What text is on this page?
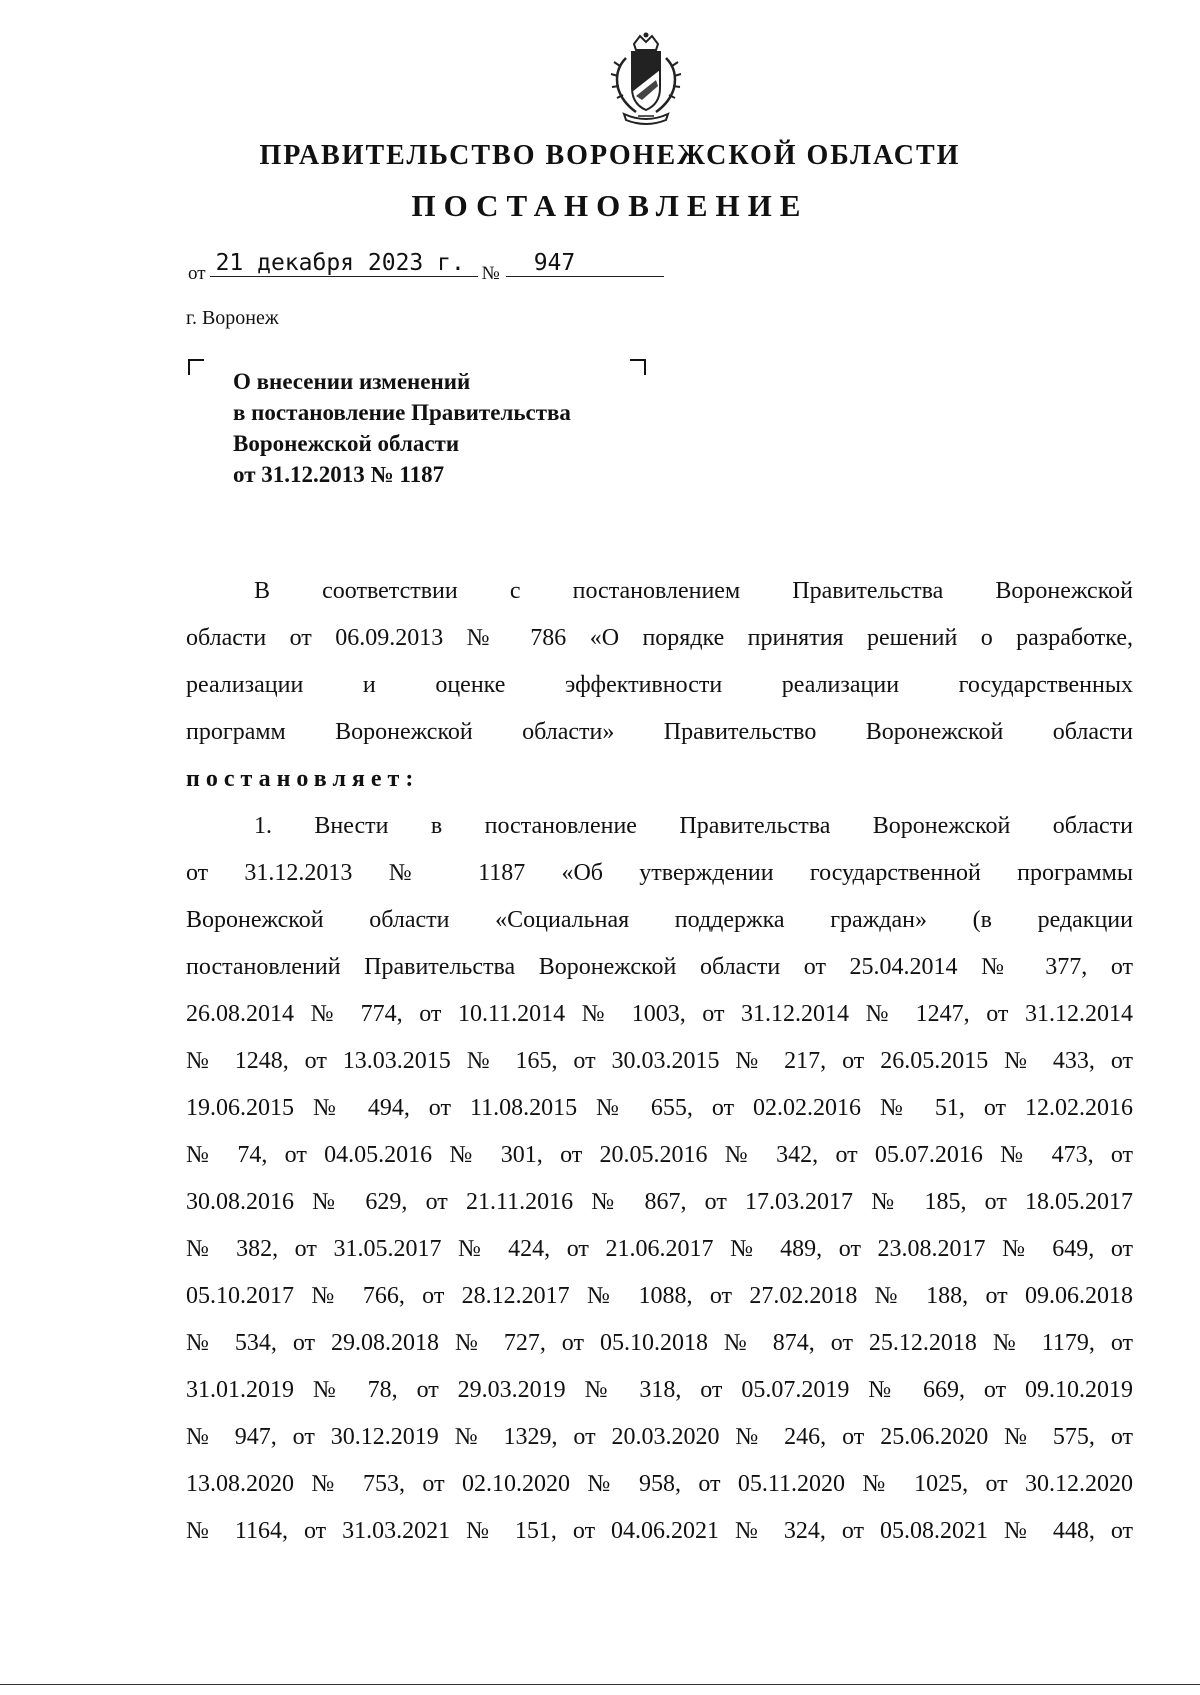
ПРАВИТЕЛЬСТВО ВОРОНЕЖСКОЙ ОБЛАСТИ
ПОСТАНОВЛЕНИЕ
от 21 декабря 2023 г. №	947
г. Воронеж
О внесении изменений
в постановление Правительства
Воронежской области
от 31.12.2013 № 1187
В соответствии с постановлением Правительства Воронежской
области от 06.09.2013 № 786 «О порядке принятия решений о разработке,
реализации и оценке эффективности реализации государственных
программ Воронежской области» Правительство Воронежской области
постановляет:
1. Внести в постановление Правительства Воронежской области
от 31.12.2013 № 1187 «Об утверждении государственной программы
Воронежской области «Социальная поддержка граждан» (в редакции
постановлений Правительства Воронежской области от 25.04.2014 № 377, от
26.08.2014 № 774, от 10.11.2014 № 1003, от 31.12.2014 № 1247, от 31.12.2014
№ 1248, от 13.03.2015 № 165, от 30.03.2015 № 217, от 26.05.2015 № 433, от
19.06.2015 № 494, от 11.08.2015 № 655, от 02.02.2016 № 51, от 12.02.2016
№ 74, от 04.05.2016 № 301, от 20.05.2016 № 342, от 05.07.2016 № 473, от
30.08.2016 № 629, от 21.11.2016 № 867, от 17.03.2017 № 185, от 18.05.2017
№ 382, от 31.05.2017 № 424, от 21.06.2017 № 489, от 23.08.2017 № 649, от
05.10.2017 № 766, от 28.12.2017 № 1088, от 27.02.2018 № 188, от 09.06.2018
№ 534, от 29.08.2018 № 727, от 05.10.2018 № 874, от 25.12.2018 № 1179, от
31.01.2019 № 78, от 29.03.2019 № 318, от 05.07.2019 № 669, от 09.10.2019
№ 947, от 30.12.2019 № 1329, от 20.03.2020 № 246, от 25.06.2020 № 575, от
13.08.2020 № 753, от 02.10.2020 № 958, от 05.11.2020 № 1025, от 30.12.2020
№ 1164, от 31.03.2021 № 151, от 04.06.2021 № 324, от 05.08.2021 № 448, от
